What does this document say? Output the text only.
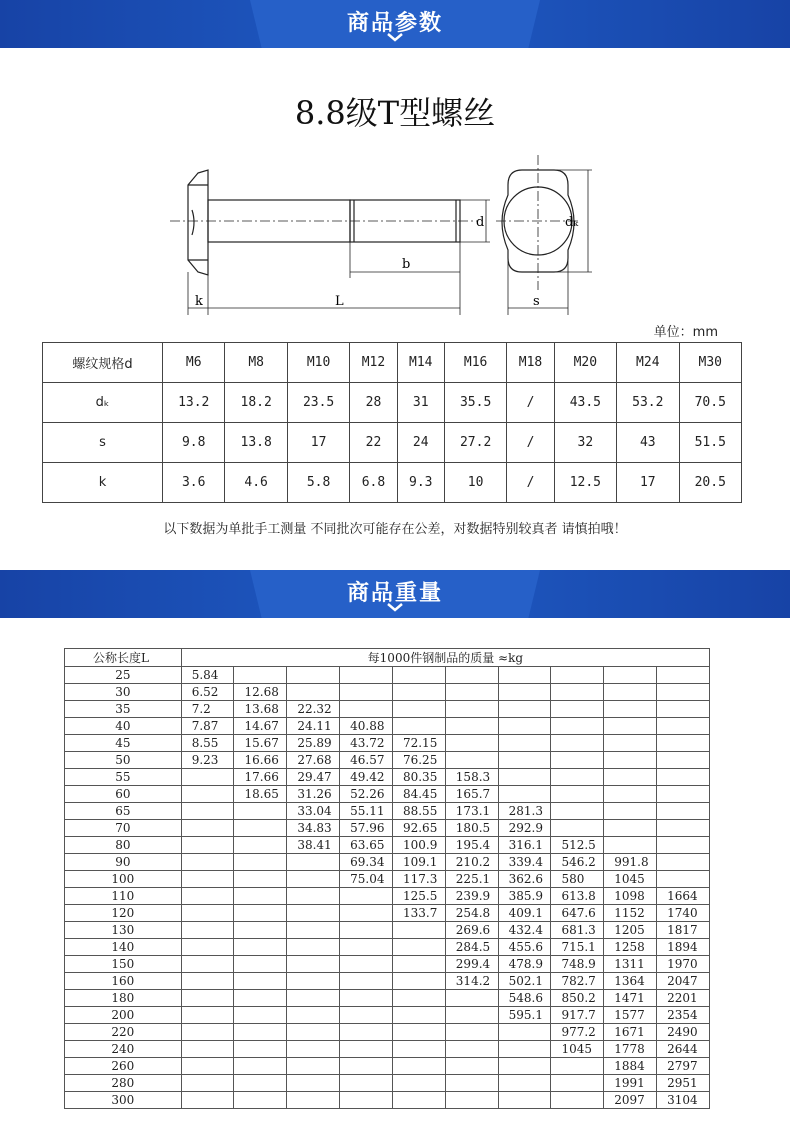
商品参数
8.8级T型螺丝
d
b
k	L
dₖ
s
单位：mm
螺纹规格d	M6	M8	M10	M12	M14	M16	M18	M20	M24	M30
dₖ	13.2	18.2	23.5	28	31	35.5	/	43.5	53.2	70.5
s	9.8	13.8	17	22	24	27.2	/	32	43	51.5
k	3.6	4.6	5.8	6.8	9.3	10	/	12.5	17	20.5
以下数据为单批手工测量 不同批次可能存在公差，对数据特别较真者 请慎拍哦！
商品重量
公称长度L	每1000件钢制品的质量 ≈kg									
25	5.84									
30	6.52	12.68								
35	7.2	13.68	22.32							
40	7.87	14.67	24.11	40.88						
45	8.55	15.67	25.89	43.72	72.15					
50	9.23	16.66	27.68	46.57	76.25					
55		17.66	29.47	49.42	80.35	158.3				
60		18.65	31.26	52.26	84.45	165.7				
65			33.04	55.11	88.55	173.1	281.3			
70			34.83	57.96	92.65	180.5	292.9			
80			38.41	63.65	100.9	195.4	316.1	512.5		
90				69.34	109.1	210.2	339.4	546.2	991.8	
100				75.04	117.3	225.1	362.6	580	1045	
110					125.5	239.9	385.9	613.8	1098	1664
120					133.7	254.8	409.1	647.6	1152	1740
130						269.6	432.4	681.3	1205	1817
140						284.5	455.6	715.1	1258	1894
150						299.4	478.9	748.9	1311	1970
160						314.2	502.1	782.7	1364	2047
180							548.6	850.2	1471	2201
200							595.1	917.7	1577	2354
220								977.2	1671	2490
240								1045	1778	2644
260									1884	2797
280									1991	2951
300									2097	3104
